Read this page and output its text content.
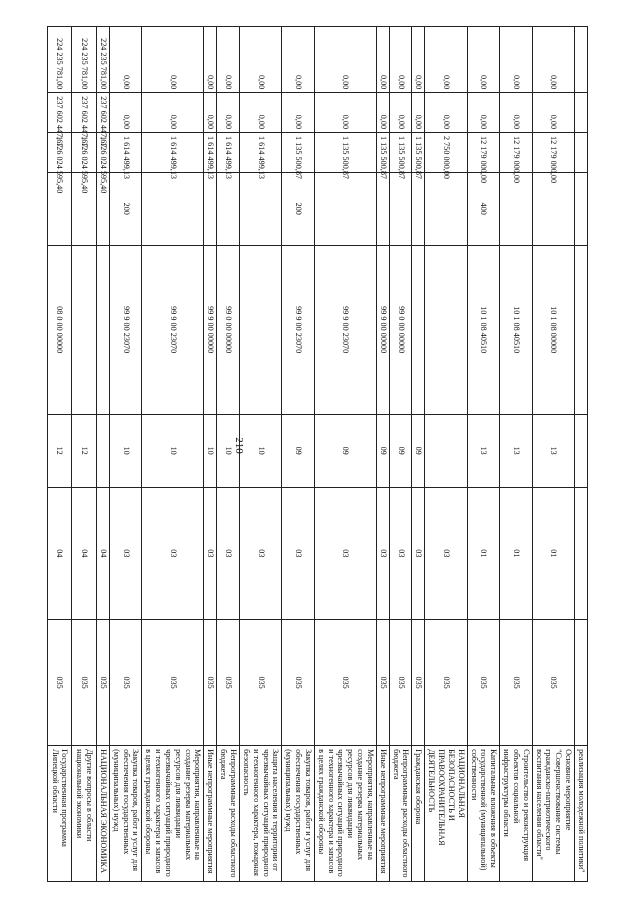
210
								реализация молодежной политики"
0,00	0,00	12 179 000,00		10 1 08 00000	13	01	035	Основное мероприятие "Совершенствование системы гражданско-патриотического воспитания населения области"
0,00	0,00	12 179 000,00		10 1 08 40510	13	01	035	Строительство и реконструкция объектов социальной инфраструктуры области
0,00	0,00	12 179 000,00	400	10 1 08 40510	13	01	035	Капитальные вложения в объекты государственной (муниципальной) собственности
0,00	0,00	2 750 000,00				03	035	НАЦИОНАЛЬНАЯ БЕЗОПАСНОСТЬ И ПРАВООХРАНИТЕЛЬНАЯ ДЕЯТЕЛЬНОСТЬ
0,00	0,00	1 135 500,87			09	03	035	Гражданская оборона
0,00	0,00	1 135 500,87		99 0 00 00000	09	03	035	Непрограммные расходы областного бюджета
0,00	0,00	1 135 500,87		99 9 00 00000	09	03	035	Иные непрограммные мероприятия
0,00	0,00	1 135 500,87		99 9 00 23070	09	03	035	Мероприятия, направленные на создание резерва материальных ресурсов для ликвидации чрезвычайных ситуаций природного и техногенного характера и запасов в целях гражданской обороны
0,00	0,00	1 135 500,87	200	99 9 00 23070	09	03	035	Закупка товаров, работ и услуг для обеспечения государственных (муниципальных) нужд
0,00	0,00	1 614 499,13			10	03	035	Защита населения и территории от чрезвычайных ситуаций природного и техногенного характера, пожарная безопасность
0,00	0,00	1 614 499,13		99 0 00 00000	10	03	035	Непрограммные расходы областного бюджета
0,00	0,00	1 614 499,13		99 9 00 00000	10	03	035	Иные непрограммные мероприятия
0,00	0,00	1 614 499,13		99 9 00 23070	10	03	035	Мероприятия, направленные на создание резерва материальных ресурсов для ликвидации чрезвычайных ситуаций природного и техногенного характера и запасов в целях гражданской обороны
0,00	0,00	1 614 499,13	200	99 9 00 23070	10	03	035	Закупка товаров, работ и услуг для обеспечения государственных (муниципальных) нужд
224 235 781,00	237 602 447,67	1 126 024 595,40				04	035	НАЦИОНАЛЬНАЯ ЭКОНОМИКА
224 235 781,00	237 602 447,67	1 126 024 595,40			12	04	035	Другие вопросы в области национальной экономики
224 235 781,00	237 602 447,67	1 126 024 595,40		08 0 00 00000	12	04	035	Государственная программа Липецкой области
